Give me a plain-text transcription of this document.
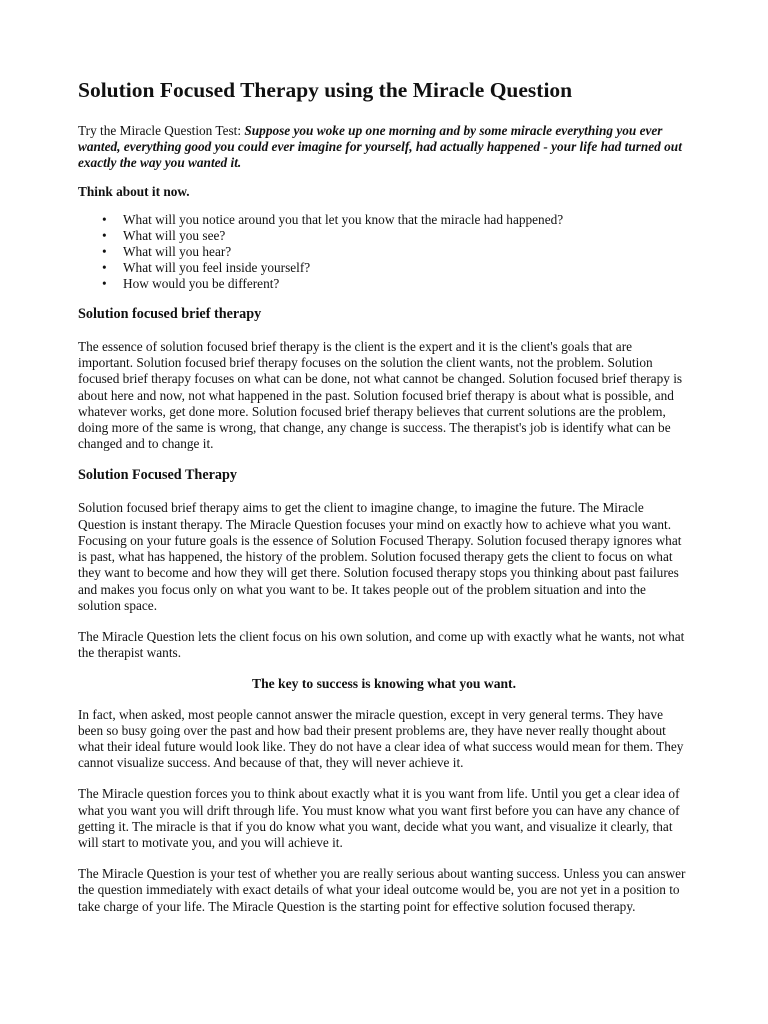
Solution Focused Therapy using the Miracle Question

Try the Miracle Question Test: Suppose you woke up one morning and by some miracle everything you ever wanted, everything good you could ever imagine for yourself, had actually happened - your life had turned out exactly the way you wanted it.

Think about it now.

• What will you notice around you that let you know that the miracle had happened?
• What will you see?
• What will you hear?
• What will you feel inside yourself?
• How would you be different?
Solution focused brief therapy

The essence of solution focused brief therapy is the client is the expert and it is the client's goals that are important. Solution focused brief therapy focuses on the solution the client wants, not the problem. Solution focused brief therapy focuses on what can be done, not what cannot be changed. Solution focused brief therapy is about here and now, not what happened in the past. Solution focused brief therapy is about what is possible, and whatever works, get done more. Solution focused brief therapy believes that current solutions are the problem, doing more of the same is wrong, that change, any change is success. The therapist's job is identify what can be changed and to change it.

Solution Focused Therapy

Solution focused brief therapy aims to get the client to imagine change, to imagine the future. The Miracle Question is instant therapy. The Miracle Question focuses your mind on exactly how to achieve what you want. Focusing on your future goals is the essence of Solution Focused Therapy. Solution focused therapy ignores what is past, what has happened, the history of the problem. Solution focused therapy gets the client to focus on what they want to become and how they will get there. Solution focused therapy stops you thinking about past failures and makes you focus only on what you want to be. It takes people out of the problem situation and into the solution space.

The Miracle Question lets the client focus on his own solution, and come up with exactly what he wants, not what the therapist wants.

The key to success is knowing what you want.

In fact, when asked, most people cannot answer the miracle question, except in very general terms. They have been so busy going over the past and how bad their present problems are, they have never really thought about what their ideal future would look like. They do not have a clear idea of what success would mean for them. They cannot visualize success. And because of that, they will never achieve it.

The Miracle question forces you to think about exactly what it is you want from life. Until you get a clear idea of what you want you will drift through life. You must know what you want first before you can have any chance of getting it. The miracle is that if you do know what you want, decide what you want, and visualize it clearly, that will start to motivate you, and you will achieve it.

The Miracle Question is your test of whether you are really serious about wanting success. Unless you can answer the question immediately with exact details of what your ideal outcome would be, you are not yet in a position to take charge of your life. The Miracle Question is the starting point for effective solution focused therapy.
